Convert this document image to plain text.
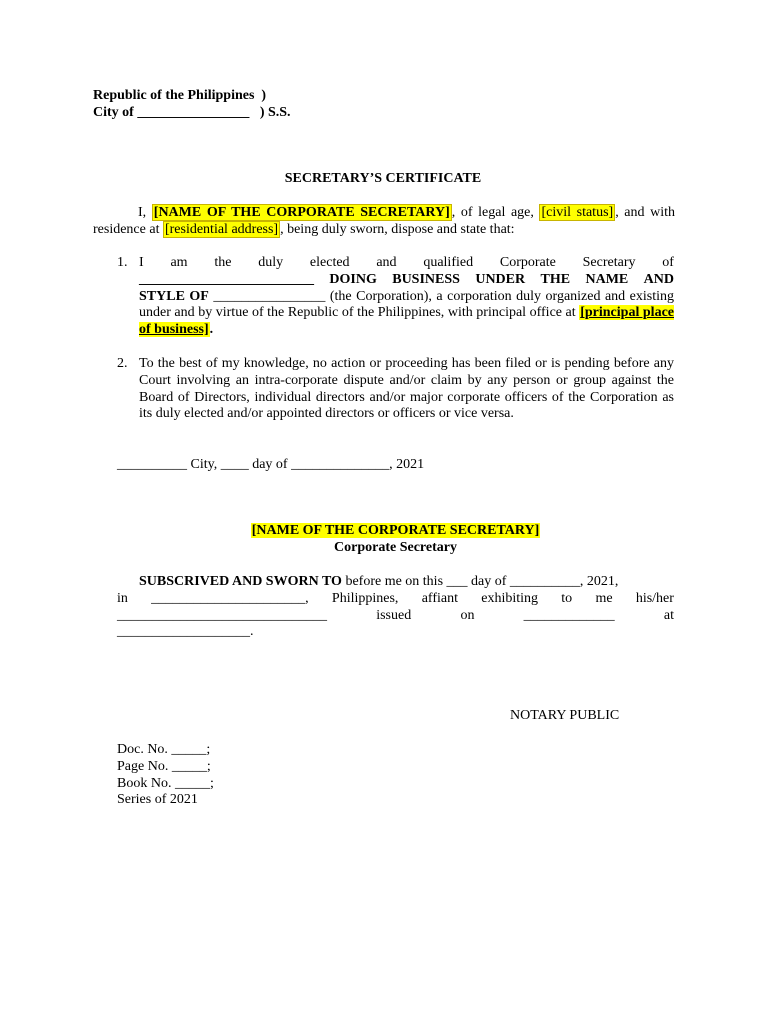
Republic of the Philippines  )
City of ________________   ) S.S.
SECRETARY’S CERTIFICATE
I, [NAME OF THE CORPORATE SECRETARY] , of legal age, [civil status] , and with residence at [residential address] , being duly sworn, dispose and state that:
1. I am the duly elected and qualified Corporate Secretary of
_________________________ DOING BUSINESS UNDER THE NAME AND
STYLE OF ________________ (the Corporation), a corporation duly organized and existing under and by virtue of the Republic of the Philippines, with principal office at [principal place of business].
2. To the best of my knowledge, no action or proceeding has been filed or is pending before any Court involving an intra-corporate dispute and/or claim by any person or group against the Board of Directors, individual directors and/or major corporate officers of the Corporation as its duly elected and/or appointed directors or officers or vice versa.
__________ City, ____ day of ______________, 2021
[NAME OF THE CORPORATE SECRETARY]
Corporate Secretary
SUBSCRIVED AND SWORN TO before me on this ___ day of __________, 2021,
in ______________________, Philippines, affiant exhibiting to me his/her
______________________________	issued	on	_____________	at
___________________.
NOTARY PUBLIC
Doc. No. _____;
Page No. _____;
Book No. _____;
Series of 2021
